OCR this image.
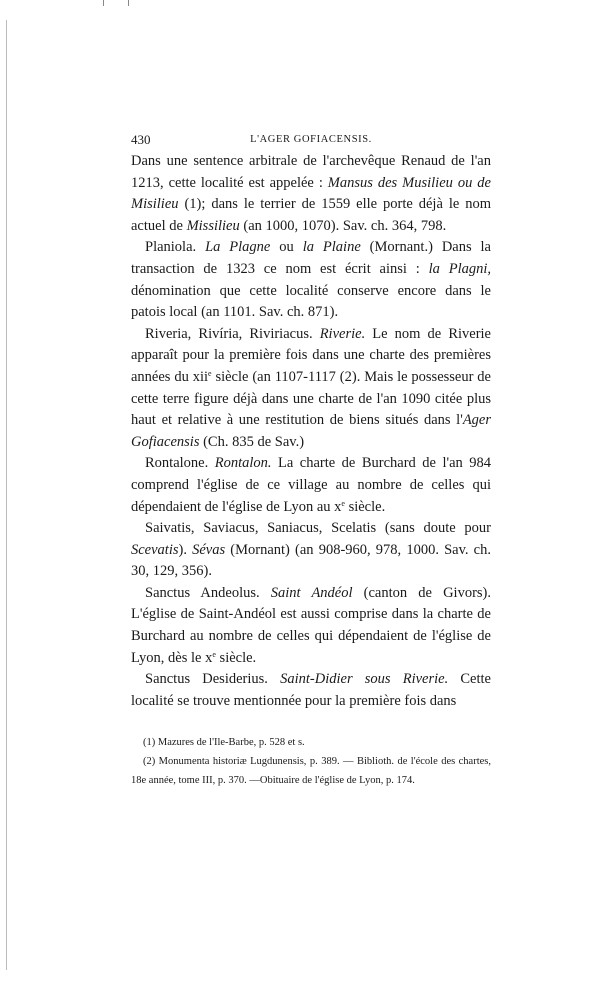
430	L'AGER GOFIACENSIS.

Dans une sentence arbitrale de l'archevêque Renaud de l'an 1213, cette localité est appelée : Mansus des Musilieu ou de Misilieu (1); dans le terrier de 1559 elle porte déjà le nom actuel de Missilieu (an 1000, 1070). Sav. ch. 364, 798.

Planiola. La Plagne ou la Plaine (Mornant.) Dans la transaction de 1323 ce nom est écrit ainsi : la Plagni, dénomination que cette localité conserve encore dans le patois local (an 1101. Sav. ch. 871).

Riveria, Rivíria, Riviriacus. Riverie. Le nom de Riverie apparaît pour la première fois dans une charte des premières années du xii$^e$ siècle (an 1107-1117 (2). Mais le possesseur de cette terre figure déjà dans une charte de l'an 1090 citée plus haut et relative à une restitution de biens situés dans l'Ager Gofiacensis (Ch. 835 de Sav.)

Rontalone. Rontalon. La charte de Burchard de l'an 984 comprend l'église de ce village au nombre de celles qui dépendaient de l'église de Lyon au $x^e$ siècle.

Saivatis, Saviacus, Saniacus, Scelatis (sans doute pour Scevatis). Sévas (Mornant) (an 908-960, 978, 1000. Sav. ch. 30, 129, 356).

Sanctus Andeolus. Saint Andéol (canton de Givors). L'église de Saint-Andéol est aussi comprise dans la charte de Burchard au nombre de celles qui dépendaient de l'église de Lyon, dès le $x^e$ siècle.

Sanctus Desiderius. Saint-Didier sous Riverie. Cette localité se trouve mentionnée pour la première fois dans

(1) Mazures de l'Ile-Barbe, p. 528 et s.

(2) Monumenta historiæ Lugdunensis, p. 389. — Biblioth. de l'école des chartes, 18e année, tome III, p. 370. —Obituaire de l'église de Lyon, p. 174.
